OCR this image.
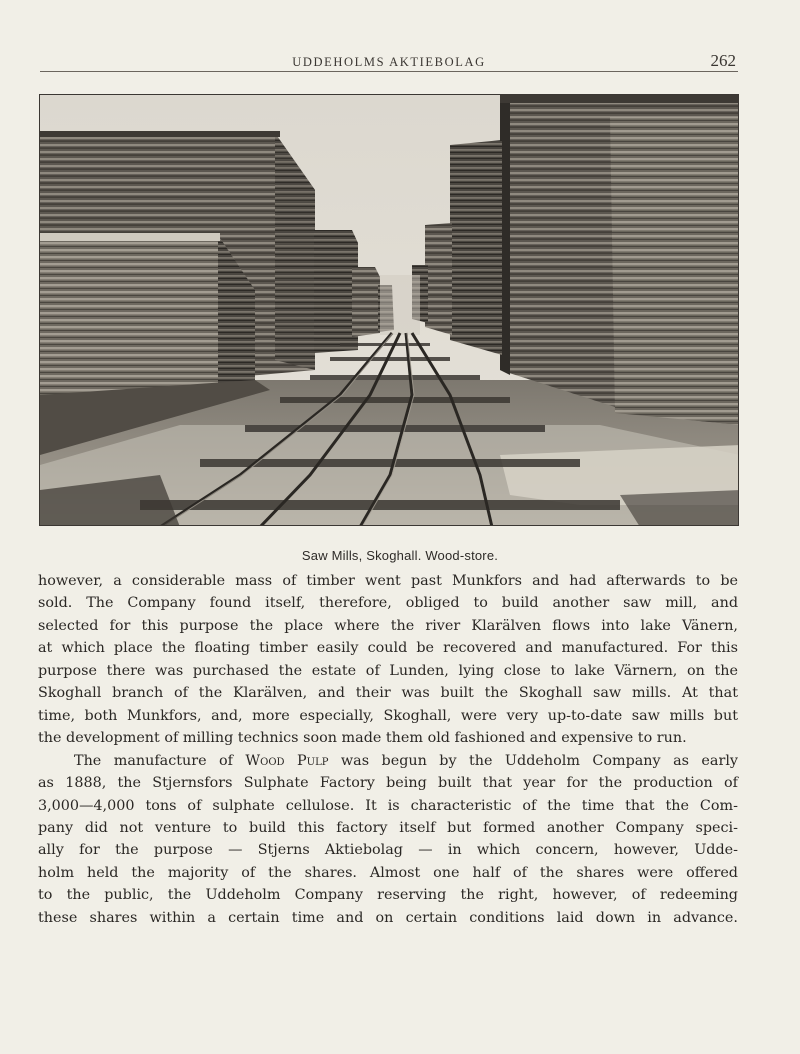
UDDEHOLMS AKTIEBOLAG	262
Saw Mills, Skoghall. Wood-store.
however, a considerable mass of timber went past Munkfors and had afterwards to be
sold. The Company found itself, therefore, obliged to build another saw mill, and
selected for this purpose the place where the river Klarälven flows into lake Vänern,
at which place the floating timber easily could be recovered and manufactured. For this
purpose there was purchased the estate of Lunden, lying close to lake Värnern, on the
Skoghall branch of the Klarälven, and their was built the Skoghall saw mills. At that
time, both Munkfors, and, more especially, Skoghall, were very up-to-date saw mills but
the development of milling technics soon made them old fashioned and expensive to run.
The manufacture of Wood Pulp was begun by the Uddeholm Company as early
as 1888, the Stjernsfors Sulphate Factory being built that year for the production of
3,000—4,000 tons of sulphate cellulose. It is characteristic of the time that the Com-
pany did not venture to build this factory itself but formed another Company speci-
ally for the purpose — Stjerns Aktiebolag — in which concern, however, Udde-
holm held the majority of the shares. Almost one half of the shares were offered
to the public, the Uddeholm Company reserving the right, however, of redeeming
these shares within a certain time and on certain conditions laid down in advance.
